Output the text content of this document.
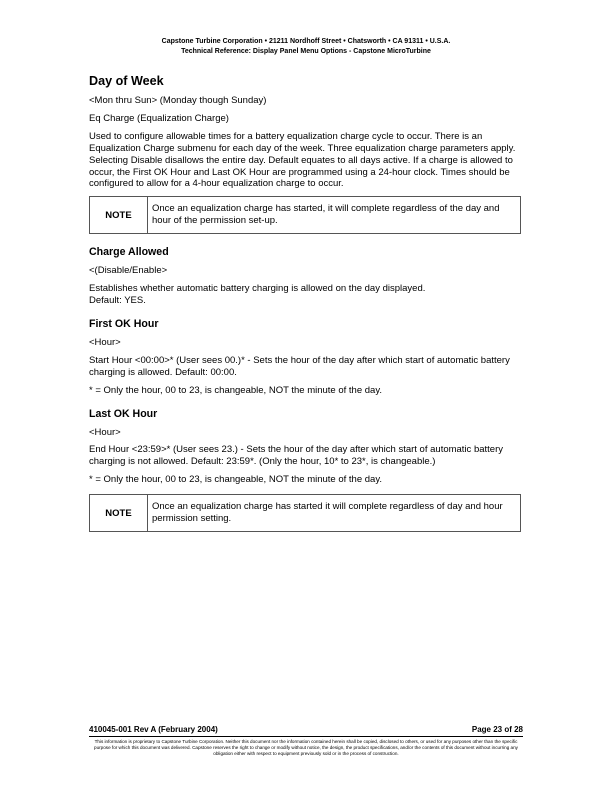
Capstone Turbine Corporation • 21211 Nordhoff Street • Chatsworth • CA 91311 • U.S.A.
Technical Reference: Display Panel Menu Options - Capstone MicroTurbine
Day of Week

<Mon thru Sun> (Monday though Sunday)

Eq Charge (Equalization Charge)

Used to configure allowable times for a battery equalization charge cycle to occur. There is an Equalization Charge submenu for each day of the week. Three equalization charge parameters apply. Selecting Disable disallows the entire day. Default equates to all days active. If a charge is allowed to occur, the First OK Hour and Last OK Hour are programmed using a 24-hour clock. Times should be configured to allow for a 4-hour equalization charge to occur.

NOTE
Once an equalization charge has started, it will complete regardless of the day and hour of the permission set-up.
Charge Allowed

<(Disable/Enable>

Establishes whether automatic battery charging is allowed on the day displayed.
Default: YES.

First OK Hour

<Hour>

Start Hour <00:00>* (User sees 00.)* - Sets the hour of the day after which start of automatic battery charging is allowed. Default: 00:00.

* = Only the hour, 00 to 23, is changeable, NOT the minute of the day.

Last OK Hour

<Hour>

End Hour <23:59>* (User sees 23.) - Sets the hour of the day after which start of automatic battery charging is not allowed. Default: 23:59*. (Only the hour, 10* to 23*, is changeable.)

* = Only the hour, 00 to 23, is changeable, NOT the minute of the day.

NOTE
Once an equalization charge has started it will complete regardless of day and hour permission setting.
410045-001 Rev A (February 2004)	Page 23 of 28
This information is proprietary to Capstone Turbine Corporation. Neither this document nor the information contained herein shall be copied, disclosed to others, or used for any purposes other than the specific purpose for which this document was delivered. Capstone reserves the right to change or modify without notice, the design, the product specifications, and/or the contents of this document without incurring any obligation either with respect to equipment previously sold or in the process of construction.
